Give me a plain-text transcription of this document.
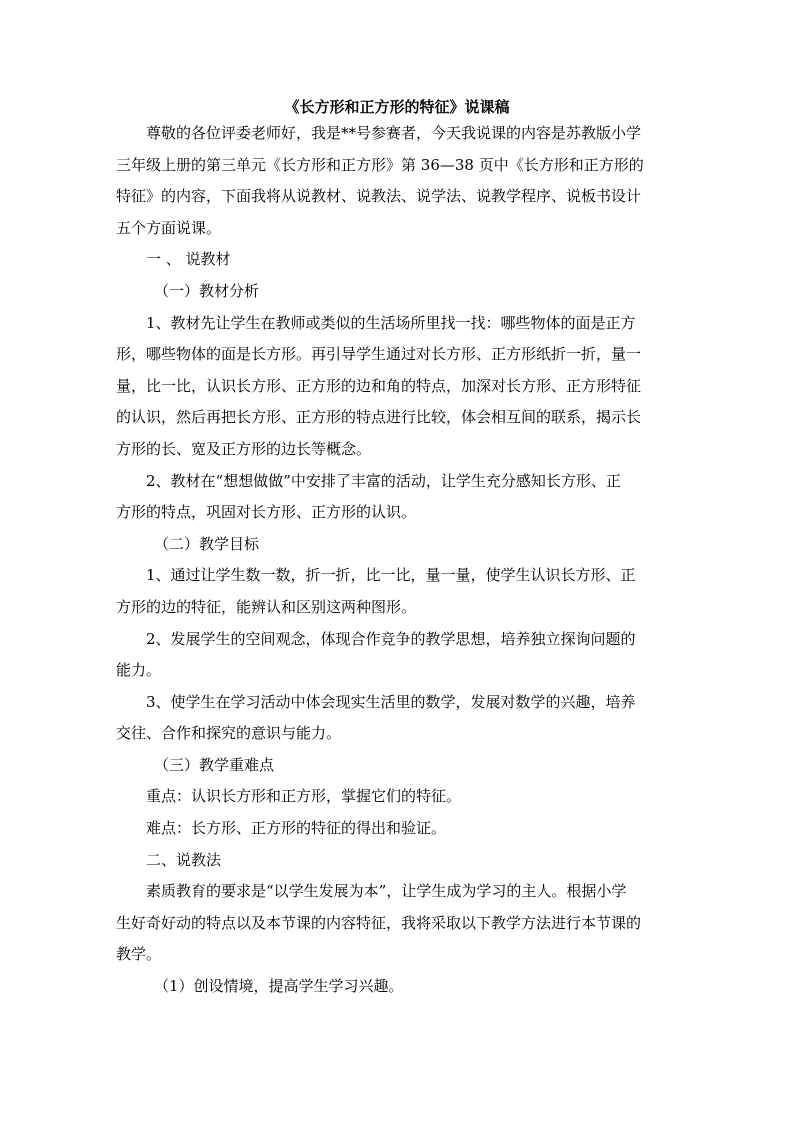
《长方形和正方形的特征》说课稿
尊敬的各位评委老师好，我是**号参赛者，今天我说课的内容是苏教版小学
三年级上册的第三单元《长方形和正方形》第 36—38 页中《长方形和正方形的
特征》的内容，下面我将从说教材、说教法、说学法、说教学程序、说板书设计
五个方面说课。
一 、 说教材
（一）教材分析
1、教材先让学生在教师或类似的生活场所里找一找：哪些物体的面是正方
形，哪些物体的面是长方形。再引导学生通过对长方形、正方形纸折一折，量一
量，比一比，认识长方形、正方形的边和角的特点，加深对长方形、正方形特征
的认识，然后再把长方形、正方形的特点进行比较，体会相互间的联系，揭示长
方形的长、宽及正方形的边长等概念。
2、教材在“想想做做”中安排了丰富的活动，让学生充分感知长方形、正
方形的特点，巩固对长方形、正方形的认识。
（二）教学目标
1、通过让学生数一数，折一折，比一比，量一量，使学生认识长方形、正
方形的边的特征，能辨认和区别这两种图形。
2、发展学生的空间观念，体现合作竞争的教学思想，培养独立探询问题的
能力。
3、使学生在学习活动中体会现实生活里的数学，发展对数学的兴趣，培养
交往、合作和探究的意识与能力。
（三）教学重难点
重点：认识长方形和正方形，掌握它们的特征。
难点：长方形、正方形的特征的得出和验证。
二、说教法
素质教育的要求是“以学生发展为本”，让学生成为学习的主人。根据小学
生好奇好动的特点以及本节课的内容特征，我将采取以下教学方法进行本节课的
教学。
（1）创设情境，提高学生学习兴趣。
